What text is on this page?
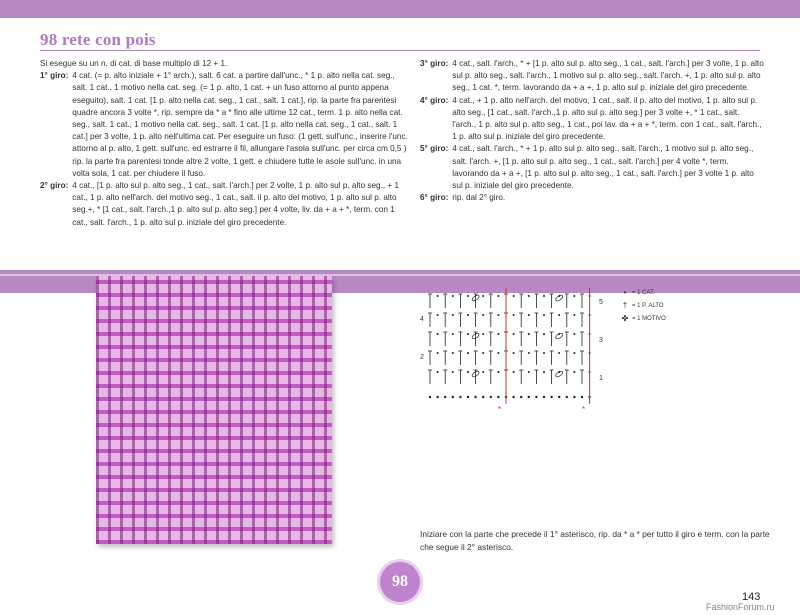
98 rete con pois
Si esegue su un n. di cat. di base multiplo di 12 + 1.
1° giro: 4 cat. (= p. alto iniziale + 1° arch.), salt. 6 cat. a partire dall'unc., * 1 p. alto nella cat. seg., salt. 1 cat., 1 motivo nella cat. seg. (= 1 p. alto, 1 cat. + un fuso attorno al punto appena eseguito), salt. 1 cat. [1 p. alto nella cat. seg., 1 cat., salt. 1 cat.], rip. la parte fra parentesi quadre ancora 3 volte *, rip. sempre da * a * fino alle ultime 12 cat., term. 1 p. alto nella cat. seg., salt. 1 cat., 1 motivo nella cat. seg., salt. 1 cat. [1 p. alto nella cat. seg., 1 cat., salt. 1 cat.] per 3 volte, 1 p. alto nell'ultima cat. Per eseguire un fuso: (1 gett. sull'unc., inserire l'unc. attorno al p. alto, 1 gett. sull'unc. ed estrarre il fil, allungare l'asola sull'unc. per circa cm 0,5 ) rip. la parte fra parentesi tonde altre 2 volte, 1 gett. e chiudere tutte le asole sull'unc. in una volta sola, 1 cat. per chiudere il fuso.
2° giro: 4 cat., [1 p. alto sul p. alto seg., 1 cat., salt. l'arch.] per 2 volte, 1 p. alto sul p. alto seg., + 1 cat., 1 p. alto nell'arch. del motivo seg., 1 cat., salt. il p. alto del motivo, 1 p. alto sul p. alto seg.+, * [1 cat., salt. l'arch.,1 p. alto sul p. alto seg.] per 4 volte, liv. da + a + *, term. con 1 cat., salt. l'arch., 1 p. alto sul p. iniziale del giro precedente.
3° giro: 4 cat., salt. l'arch., * + [1 p. alto sul p. alto seg., 1 cat., salt. l'arch.] per 3 volte, 1 p. alto sul p. alto seg., salt. l'arch., 1 motivo sul p. alto seg., salt. l'arch. +, 1 p. alto sul p. alto seg., 1 cat. *, term. lavorando da + a +, 1 p. alto sul p. iniziale del giro precedente.
4° giro: 4 cat., + 1 p. alto nell'arch. del motivo, 1 cat., salt. il p. alto del motivo, 1 p. alto sul p. alto seg., [1 cat., salt. l'arch.,1 p. alto sul p. alto seg.] per 3 volte +, * 1 cat., salt. l'arch., 1 p. alto sul p. alto seg., 1 cat., poi lav. da + a + *, term. con 1 cat., salt. l'arch., 1 p. alto sul p. iniziale del giro precedente.
5° giro: 4 cat., salt. l'arch., * + 1 p. alto sul p. alto seg., salt. l'arch., 1 motivo sul p. alto seg., salt. l'arch. +, [1 p. alto sul p. alto seg., 1 cat., salt. l'arch.] per 4 volte *, term. lavorando da + a +, [1 p. alto sul p. alto seg., 1 cat., salt. l'arch.] per 3 volte 1 p. alto sul p. iniziale del giro precedente.
6° giro: rip. dal 2° giro.
4
2
5
3
1
*	*
• = 1 CAT.
† = 1 P. ALTO
✤ = 1 MOTIVO
Iniziare con la parte che precede il 1° asterisco, rip. da * a * per tutto il giro e term. con la parte che segue il 2° asterisco.
98
143
FashionForum.ru
